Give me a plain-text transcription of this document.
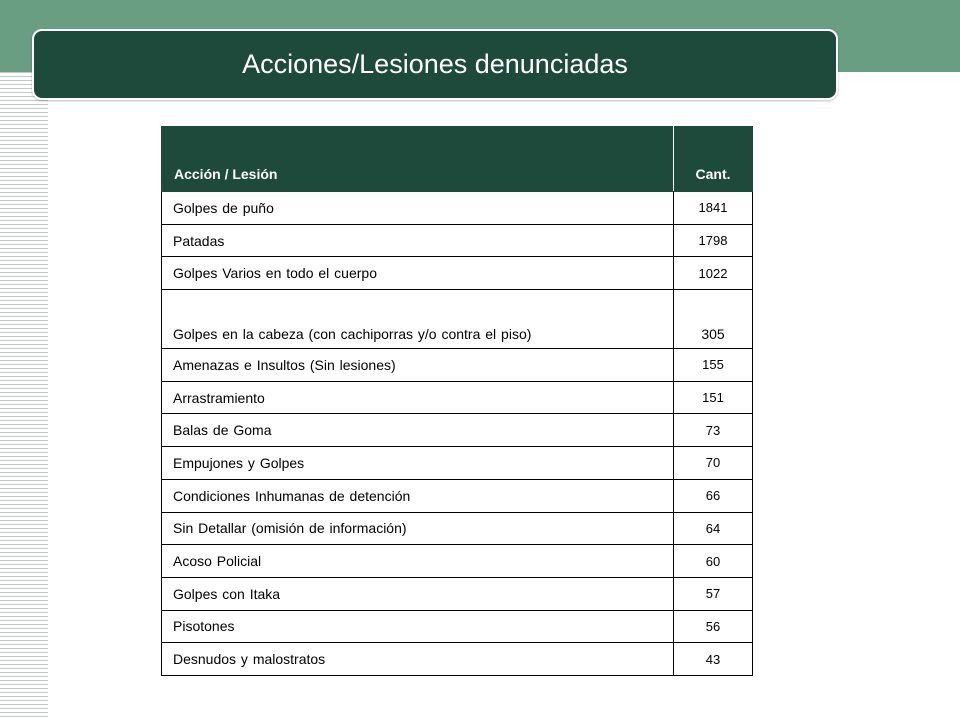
Acciones/Lesiones denunciadas
Acción / Lesión	Cant.
Golpes de puño	1841
Patadas	1798
Golpes Varios en todo el cuerpo	1022
Golpes en la cabeza (con cachiporras y/o contra el piso)	305
Amenazas e Insultos (Sin lesiones)	155
Arrastramiento	151
Balas de Goma	73
Empujones y Golpes	70
Condiciones Inhumanas de detención	66
Sin Detallar (omisión de información)	64
Acoso Policial	60
Golpes con Itaka	57
Pisotones	56
Desnudos y malostratos	43
